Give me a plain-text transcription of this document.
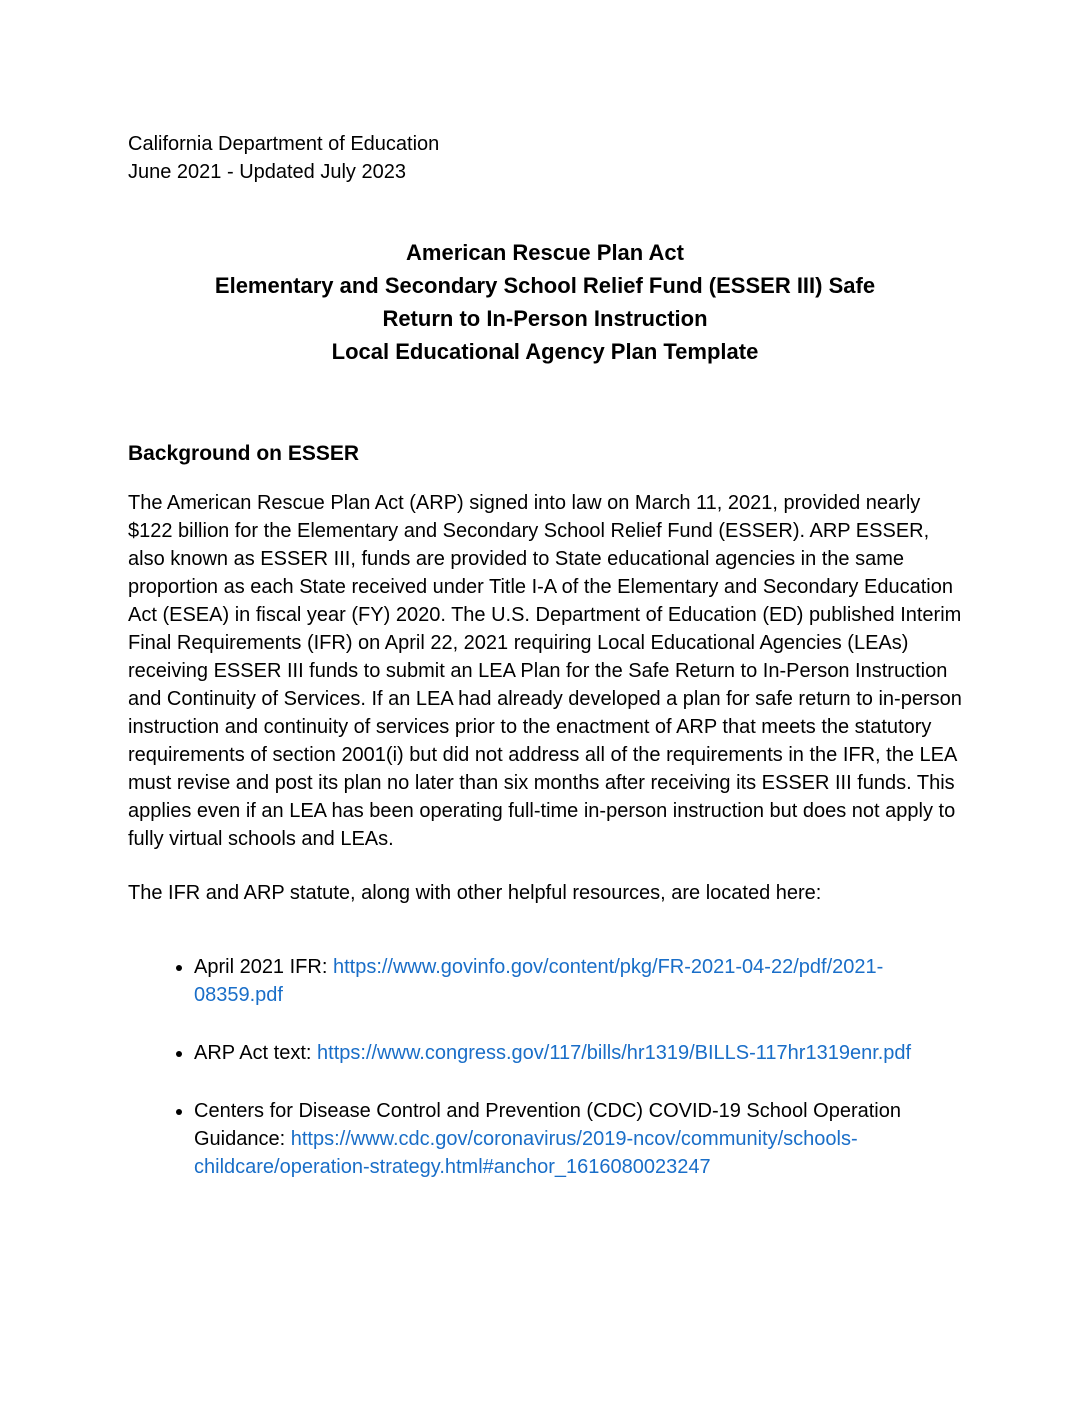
California Department of Education
June 2021 - Updated July 2023
American Rescue Plan Act
Elementary and Secondary School Relief Fund (ESSER III) Safe
Return to In-Person Instruction
Local Educational Agency Plan Template
Background on ESSER

The American Rescue Plan Act (ARP) signed into law on March 11, 2021, provided nearly $122 billion for the Elementary and Secondary School Relief Fund (ESSER). ARP ESSER, also known as ESSER III, funds are provided to State educational agencies in the same proportion as each State received under Title I-A of the Elementary and Secondary Education Act (ESEA) in fiscal year (FY) 2020. The U.S. Department of Education (ED) published Interim Final Requirements (IFR) on April 22, 2021 requiring Local Educational Agencies (LEAs) receiving ESSER III funds to submit an LEA Plan for the Safe Return to In-Person Instruction and Continuity of Services. If an LEA had already developed a plan for safe return to in-person instruction and continuity of services prior to the enactment of ARP that meets the statutory requirements of section 2001(i) but did not address all of the requirements in the IFR, the LEA must revise and post its plan no later than six months after receiving its ESSER III funds. This applies even if an LEA has been operating full-time in-person instruction but does not apply to fully virtual schools and LEAs.

The IFR and ARP statute, along with other helpful resources, are located here:

• April 2021 IFR: https://www.govinfo.gov/content/pkg/FR-2021-04-22/pdf/2021-08359.pdf
• ARP Act text: https://www.congress.gov/117/bills/hr1319/BILLS-117hr1319enr.pdf
• Centers for Disease Control and Prevention (CDC) COVID-19 School Operation Guidance: https://www.cdc.gov/coronavirus/2019-ncov/community/schools-childcare/operation-strategy.html#anchor_1616080023247
